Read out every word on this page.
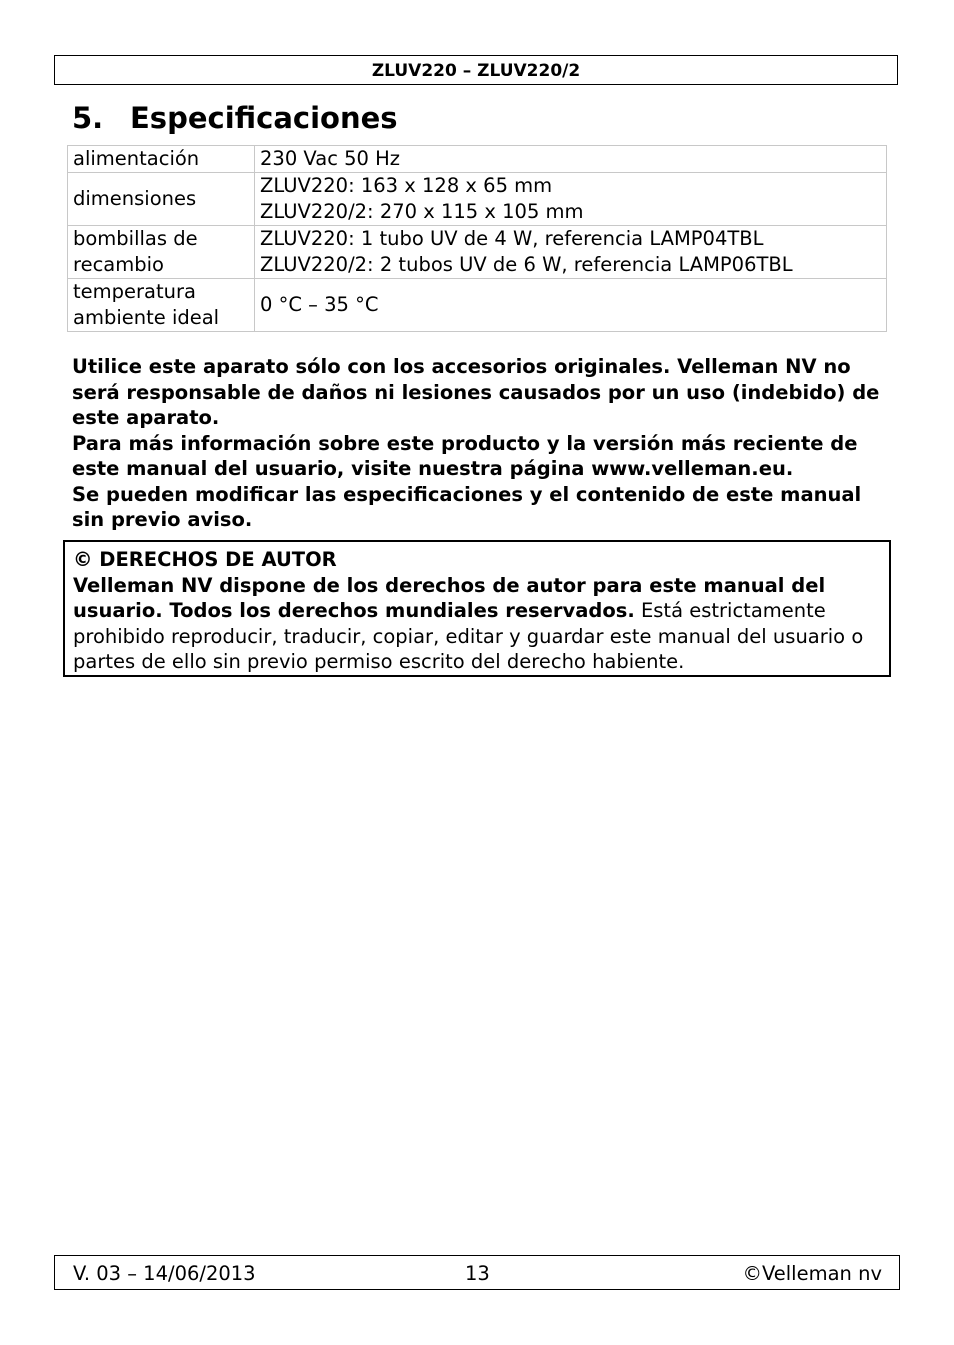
ZLUV220 – ZLUV220/2
5. Especificaciones
alimentación	230 Vac 50 Hz
dimensiones	ZLUV220: 163 x 128 x 65 mm
ZLUV220/2: 270 x 115 x 105 mm

bombillas de recambio	ZLUV220: 1 tubo UV de 4 W, referencia LAMP04TBL
ZLUV220/2: 2 tubos UV de 6 W, referencia LAMP06TBL

temperatura ambiente ideal	0 °C – 35 °C

Utilice este aparato sólo con los accesorios originales. Velleman NV no será responsable de daños ni lesiones causados por un uso (indebido) de este aparato.

Para más información sobre este producto y la versión más reciente de este manual del usuario, visite nuestra página www.velleman.eu.

Se pueden modificar las especificaciones y el contenido de este manual sin previo aviso.

© DERECHOS DE AUTOR
Velleman NV dispone de los derechos de autor para este manual del usuario. Todos los derechos mundiales reservados. Está estrictamente prohibido reproducir, traducir, copiar, editar y guardar este manual del usuario o partes de ello sin previo permiso escrito del derecho habiente.
V. 03 – 14/06/2013	13	©Velleman nv
